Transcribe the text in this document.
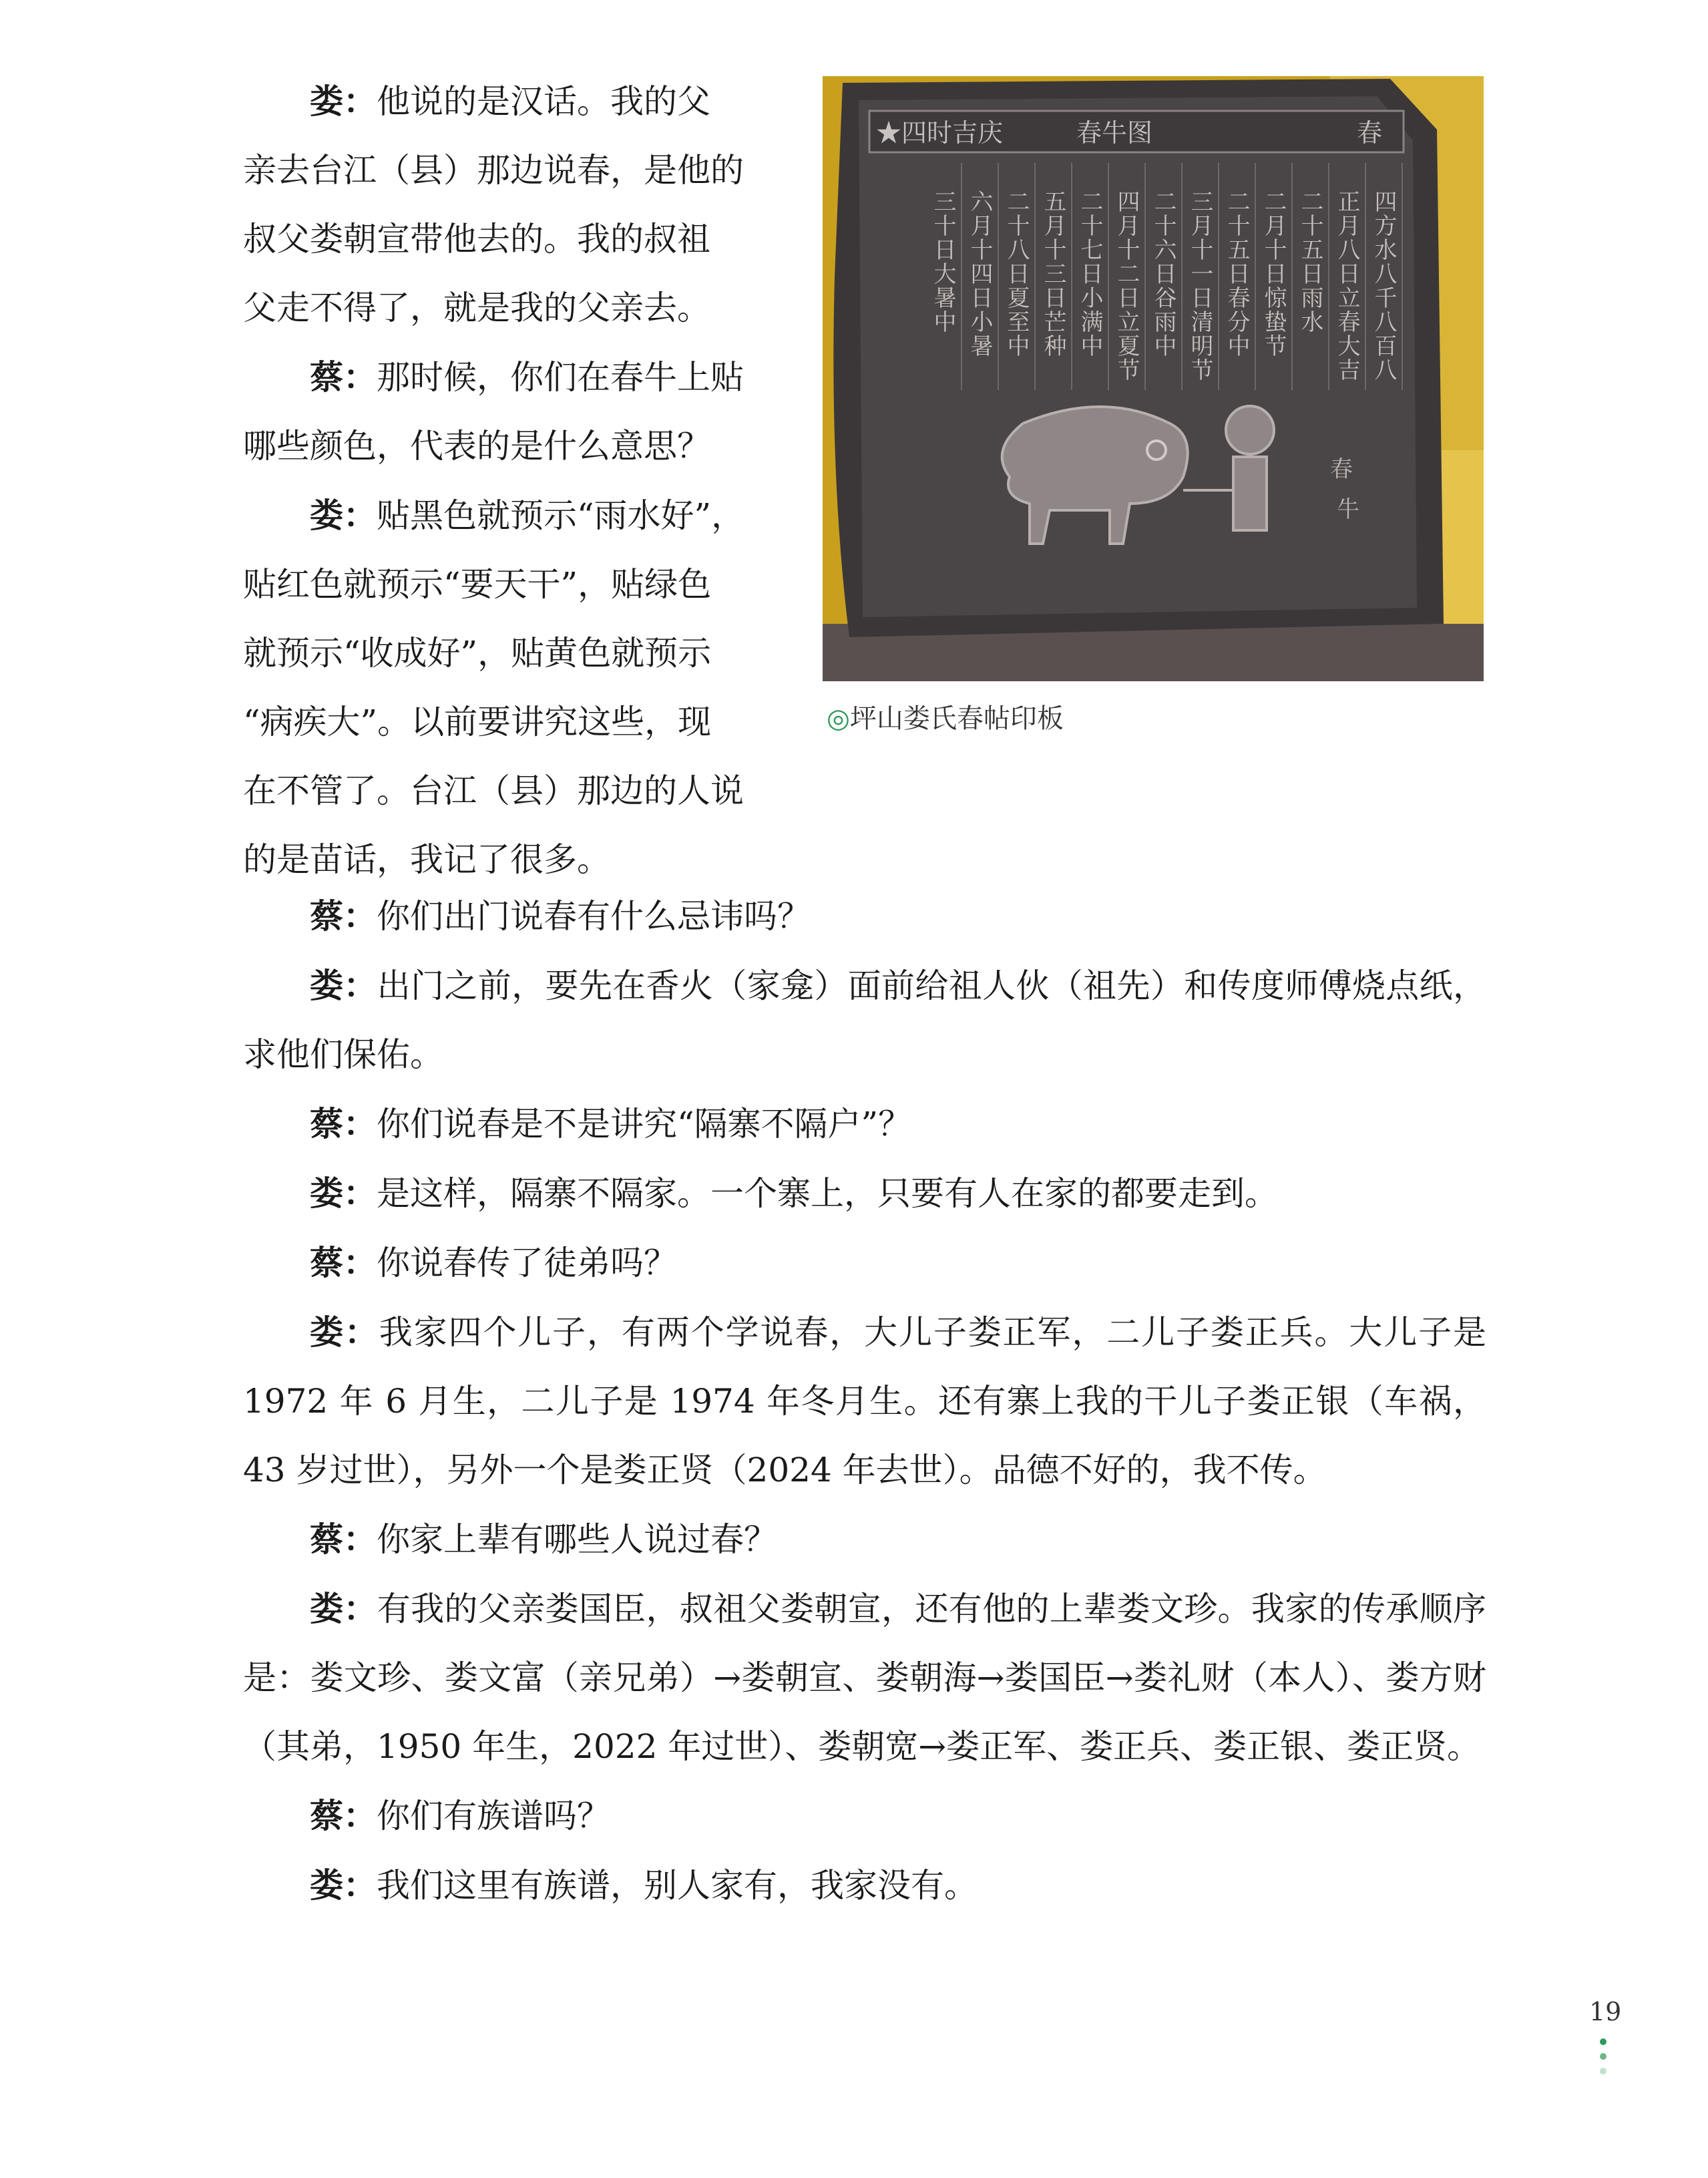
娄：他说的是汉话。我的父
亲去台江（县）那边说春，是他的
叔父娄朝宣带他去的。我的叔祖
父走不得了，就是我的父亲去。
蔡：那时候，你们在春牛上贴
哪些颜色，代表的是什么意思？
娄：贴黑色就预示“雨水好”，
贴红色就预示“要天干”，贴绿色
就预示“收成好”，贴黄色就预示
“病疾大”。以前要讲究这些，现
在不管了。台江（县）那边的人说
的是苗话，我记了很多。
★四时吉庆	春牛图	春
四方水八千八百八
正月八日立春大吉
二十五日雨水
二月十日惊蛰节
二十五日春分中
三月十一日清明节
二十六日谷雨中
四月十二日立夏节
二十七日小满中
五月十三日芒种
二十八日夏至中
六月十四日小暑
三十日大暑中
春
牛
◎坪山娄氏春帖印板

蔡：你们出门说春有什么忌讳吗？

娄：出门之前，要先在香火（家龛）面前给祖人伙（祖先）和传度师傅烧点纸，求他们保佑。

蔡：你们说春是不是讲究“隔寨不隔户”？

娄：是这样，隔寨不隔家。一个寨上，只要有人在家的都要走到。

蔡：你说春传了徒弟吗？

娄：我家四个儿子，有两个学说春，大儿子娄正军，二儿子娄正兵。大儿子是 1972 年 6 月生，二儿子是 1974 年冬月生。还有寨上我的干儿子娄正银（车祸，43 岁过世），另外一个是娄正贤（2024 年去世）。品德不好的，我不传。

蔡：你家上辈有哪些人说过春？

娄：有我的父亲娄国臣，叔祖父娄朝宣，还有他的上辈娄文珍。我家的传承顺序是：娄文珍、娄文富（亲兄弟）→娄朝宣、娄朝海→娄国臣→娄礼财（本人）、娄方财（其弟，1950 年生，2022 年过世）、娄朝宽→娄正军、娄正兵、娄正银、娄正贤。

蔡：你们有族谱吗？

娄：我们这里有族谱，别人家有，我家没有。

19
